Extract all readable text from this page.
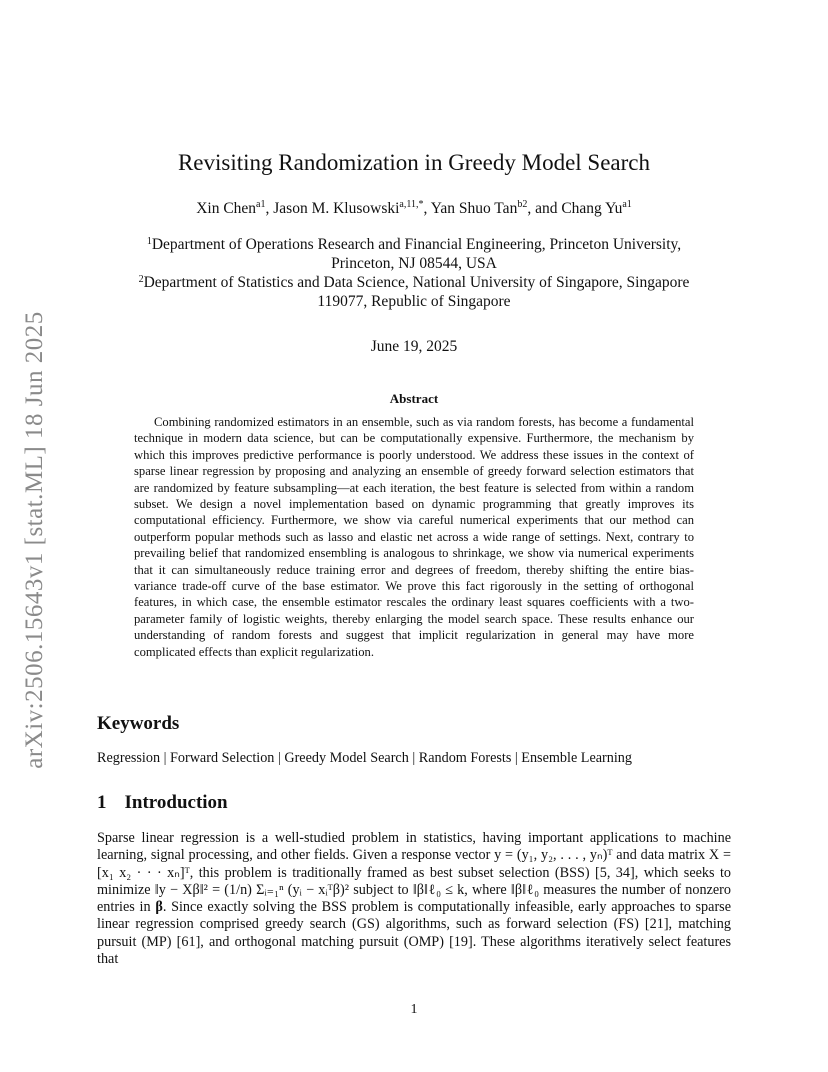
arXiv:2506.15643v1 [stat.ML] 18 Jun 2025
Revisiting Randomization in Greedy Model Search
Xin Chen$^{a1}$, Jason M. Klusowski$^{a,11,*}$, Yan Shuo Tan$^{b2}$, and Chang $Yu^{a1}$
$^1$Department of Operations Research and Financial Engineering, Princeton University,
Princeton, NJ 08544, USA
$^2$Department of Statistics and Data Science, National University of Singapore, Singapore
119077, Republic of Singapore
June 19, 2025
Abstract
Combining randomized estimators in an ensemble, such as via random forests, has become a fundamental technique in modern data science, but can be computationally expensive. Furthermore, the mechanism by which this improves predictive performance is poorly understood. We address these issues in the context of sparse linear regression by proposing and analyzing an ensemble of greedy forward selection estimators that are randomized by feature subsampling—at each iteration, the best feature is selected from within a random subset. We design a novel implementation based on dynamic programming that greatly improves its computational efficiency. Furthermore, we show via careful numerical experiments that our method can outperform popular methods such as lasso and elastic net across a wide range of settings. Next, contrary to prevailing belief that randomized ensembling is analogous to shrinkage, we show via numerical experiments that it can simultaneously reduce training error and degrees of freedom, thereby shifting the entire bias-variance trade-off curve of the base estimator. We prove this fact rigorously in the setting of orthogonal features, in which case, the ensemble estimator rescales the ordinary least squares coefficients with a two-parameter family of logistic weights, thereby enlarging the model search space. These results enhance our understanding of random forests and suggest that implicit regularization in general may have more complicated effects than explicit regularization.
Keywords
Regression | Forward Selection | Greedy Model Search | Random Forests | Ensemble Learning
1 Introduction
Sparse linear regression is a well-studied problem in statistics, having important applications to machine learning, signal processing, and other fields. Given a response vector y = (y₁, y₂, . . . , yₙ)ᵀ and data matrix X = [x₁ x₂ · · · xₙ]ᵀ, this problem is traditionally framed as best subset selection (BSS) [5, 34], which seeks to minimize ‖y − Xβ‖² = (1/n) Σᵢ₌₁ⁿ (yᵢ − xᵢᵀβ)² subject to ‖β‖ℓ₀ ≤ k, where ‖β‖ℓ₀ measures the number of nonzero entries in β. Since exactly solving the BSS problem is computationally infeasible, early approaches to sparse linear regression comprised greedy search (GS) algorithms, such as forward selection (FS) [21], matching pursuit (MP) [61], and orthogonal matching pursuit (OMP) [19]. These algorithms iteratively select features that
1
